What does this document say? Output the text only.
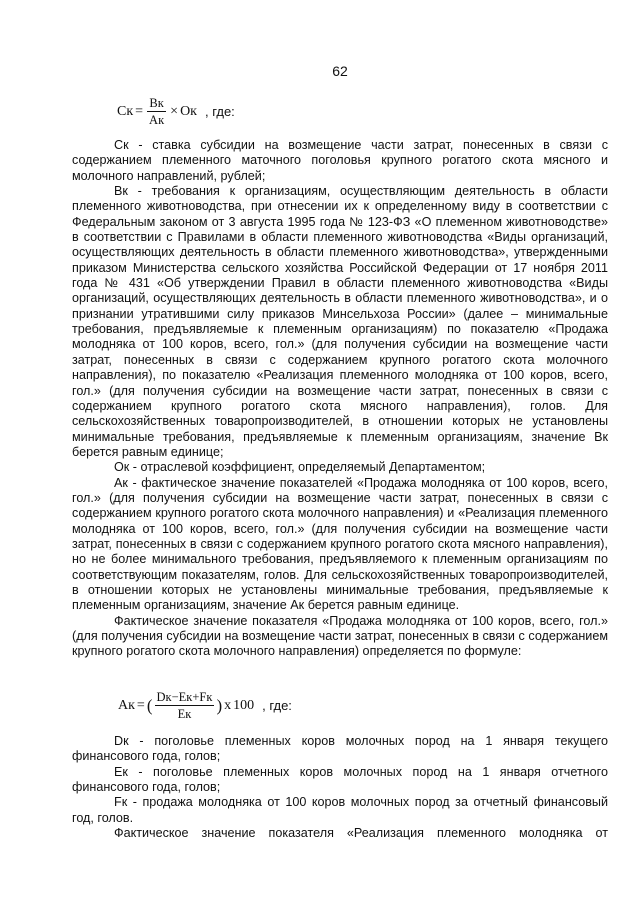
62
Cк = $\frac{Bк}{Aк}$ × Oк , где:

Cк - ставка субсидии на возмещение части затрат, понесенных в связи с содержанием племенного маточного поголовья крупного рогатого скота мясного и молочного направлений, рублей;

Bк - требования к организациям, осуществляющим деятельность в области племенного животноводства, при отнесении их к определенному виду в соответствии с Федеральным законом от 3 августа 1995 года № 123-ФЗ «О племенном животноводстве» в соответствии с Правилами в области племенного животноводства «Виды организаций, осуществляющих деятельность в области племенного животноводства», утвержденными приказом Министерства сельского хозяйства Российской Федерации от 17 ноября 2011 года № 431 «Об утверждении Правил в области племенного животноводства «Виды организаций, осуществляющих деятельность в области племенного животноводства», и о признании утратившими силу приказов Минсельхоза России» (далее – минимальные требования, предъявляемые к племенным организациям) по показателю «Продажа молодняка от 100 коров, всего, гол.» (для получения субсидии на возмещение части затрат, понесенных в связи с содержанием крупного рогатого скота молочного направления), по показателю «Реализация племенного молодняка от 100 коров, всего, гол.» (для получения субсидии на возмещение части затрат, понесенных в связи с содержанием крупного рогатого скота мясного направления), голов. Для сельскохозяйственных товаропроизводителей, в отношении которых не установлены минимальные требования, предъявляемые к племенным организациям, значение Bк берется равным единице;

Oк - отраслевой коэффициент, определяемый Департаментом;

Aк - фактическое значение показателей «Продажа молодняка от 100 коров, всего, гол.» (для получения субсидии на возмещение части затрат, понесенных в связи с содержанием крупного рогатого скота молочного направления) и «Реализация племенного молодняка от 100 коров, всего, гол.» (для получения субсидии на возмещение части затрат, понесенных в связи с содержанием крупного рогатого скота мясного направления), но не более минимального требования, предъявляемого к племенным организациям по соответствующим показателям, голов. Для сельскохозяйственных товаропроизводителей, в отношении которых не установлены минимальные требования, предъявляемые к племенным организациям, значение Aк берется равным единице.

Фактическое значение показателя «Продажа молодняка от 100 коров, всего, гол.» (для получения субсидии на возмещение части затрат, понесенных в связи с содержанием крупного рогатого скота молочного направления) определяется по формуле:

Aк = ( $\frac{Dк-Eк+Fк}{Eк}$ ) x 100 , где:

Dк - поголовье племенных коров молочных пород на 1 января текущего финансового года, голов;

Eк - поголовье племенных коров молочных пород на 1 января отчетного финансового года, голов;

Fк - продажа молодняка от 100 коров молочных пород за отчетный финансовый год, голов.

Фактическое значение показателя «Реализация племенного молодняка от
